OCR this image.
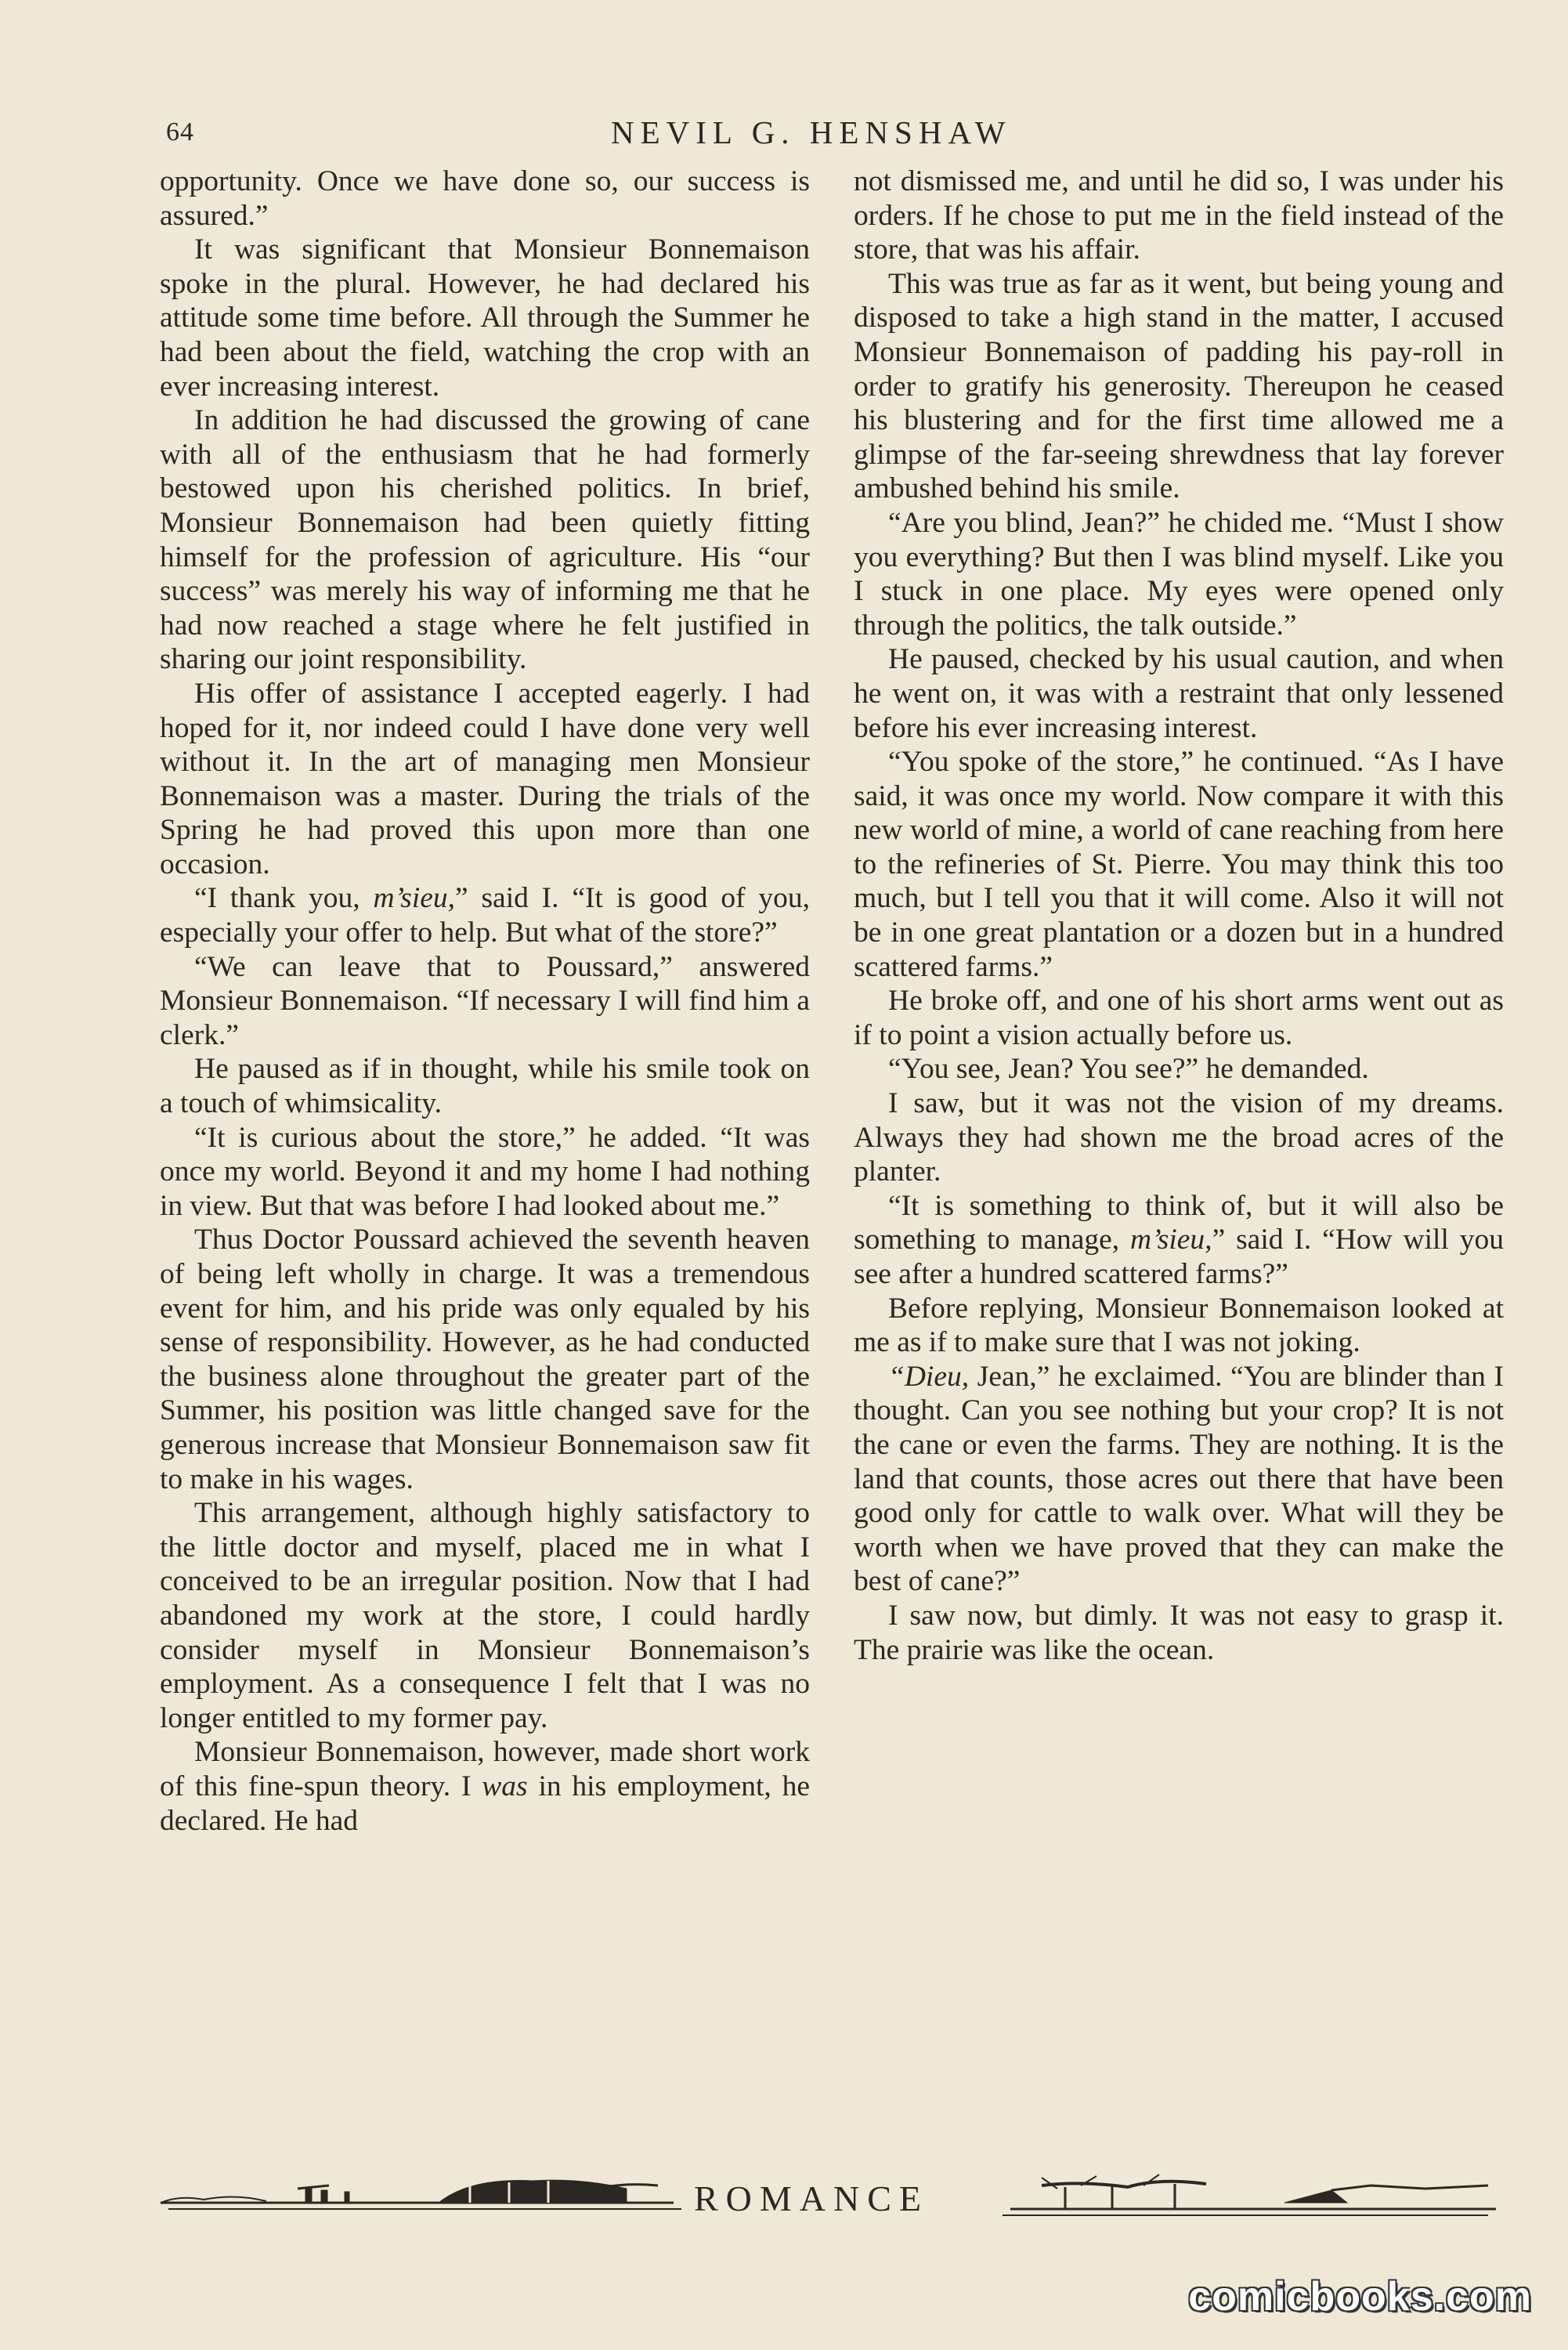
64	NEVIL G. HENSHAW

opportunity. Once we have done so, our success is assured.”

It was significant that Monsieur Bonnemaison spoke in the plural. However, he had declared his attitude some time before. All through the Summer he had been about the field, watching the crop with an ever increasing interest.

In addition he had discussed the growing of cane with all of the enthusiasm that he had formerly bestowed upon his cherished politics. In brief, Monsieur Bonnemaison had been quietly fitting himself for the profession of agriculture. His “our success” was merely his way of informing me that he had now reached a stage where he felt justified in sharing our joint responsibility.

His offer of assistance I accepted eagerly. I had hoped for it, nor indeed could I have done very well without it. In the art of managing men Monsieur Bonnemaison was a master. During the trials of the Spring he had proved this upon more than one occasion.

“I thank you, m’sieu,” said I. “It is good of you, especially your offer to help. But what of the store?”

“We can leave that to Poussard,” answered Monsieur Bonnemaison. “If necessary I will find him a clerk.”

He paused as if in thought, while his smile took on a touch of whimsicality.

“It is curious about the store,” he added. “It was once my world. Beyond it and my home I had nothing in view. But that was before I had looked about me.”

Thus Doctor Poussard achieved the seventh heaven of being left wholly in charge. It was a tremendous event for him, and his pride was only equaled by his sense of responsibility. However, as he had conducted the business alone throughout the greater part of the Summer, his position was little changed save for the generous increase that Monsieur Bonnemaison saw fit to make in his wages.

This arrangement, although highly satisfactory to the little doctor and myself, placed me in what I conceived to be an irregular position. Now that I had abandoned my work at the store, I could hardly consider myself in Monsieur Bonnemaison’s employment. As a consequence I felt that I was no longer entitled to my former pay.

Monsieur Bonnemaison, however, made short work of this fine-spun theory. I was in his employment, he declared. He had

not dismissed me, and until he did so, I was under his orders. If he chose to put me in the field instead of the store, that was his affair.

This was true as far as it went, but being young and disposed to take a high stand in the matter, I accused Monsieur Bonnemaison of padding his pay-roll in order to gratify his generosity. Thereupon he ceased his blustering and for the first time allowed me a glimpse of the far-seeing shrewdness that lay forever ambushed behind his smile.

“Are you blind, Jean?” he chided me. “Must I show you everything? But then I was blind myself. Like you I stuck in one place. My eyes were opened only through the politics, the talk outside.”

He paused, checked by his usual caution, and when he went on, it was with a restraint that only lessened before his ever increasing interest.

“You spoke of the store,” he continued. “As I have said, it was once my world. Now compare it with this new world of mine, a world of cane reaching from here to the refineries of St. Pierre. You may think this too much, but I tell you that it will come. Also it will not be in one great plantation or a dozen but in a hundred scattered farms.”

He broke off, and one of his short arms went out as if to point a vision actually before us.

“You see, Jean? You see?” he demanded.

I saw, but it was not the vision of my dreams. Always they had shown me the broad acres of the planter.

“It is something to think of, but it will also be something to manage, m’sieu,” said I. “How will you see after a hundred scattered farms?”

Before replying, Monsieur Bonnemaison looked at me as if to make sure that I was not joking.

“Dieu, Jean,” he exclaimed. “You are blinder than I thought. Can you see nothing but your crop? It is not the cane or even the farms. They are nothing. It is the land that counts, those acres out there that have been good only for cattle to walk over. What will they be worth when we have proved that they can make the best of cane?”

I saw now, but dimly. It was not easy to grasp it. The prairie was like the ocean.

ROMANCE
comicbooks.com
